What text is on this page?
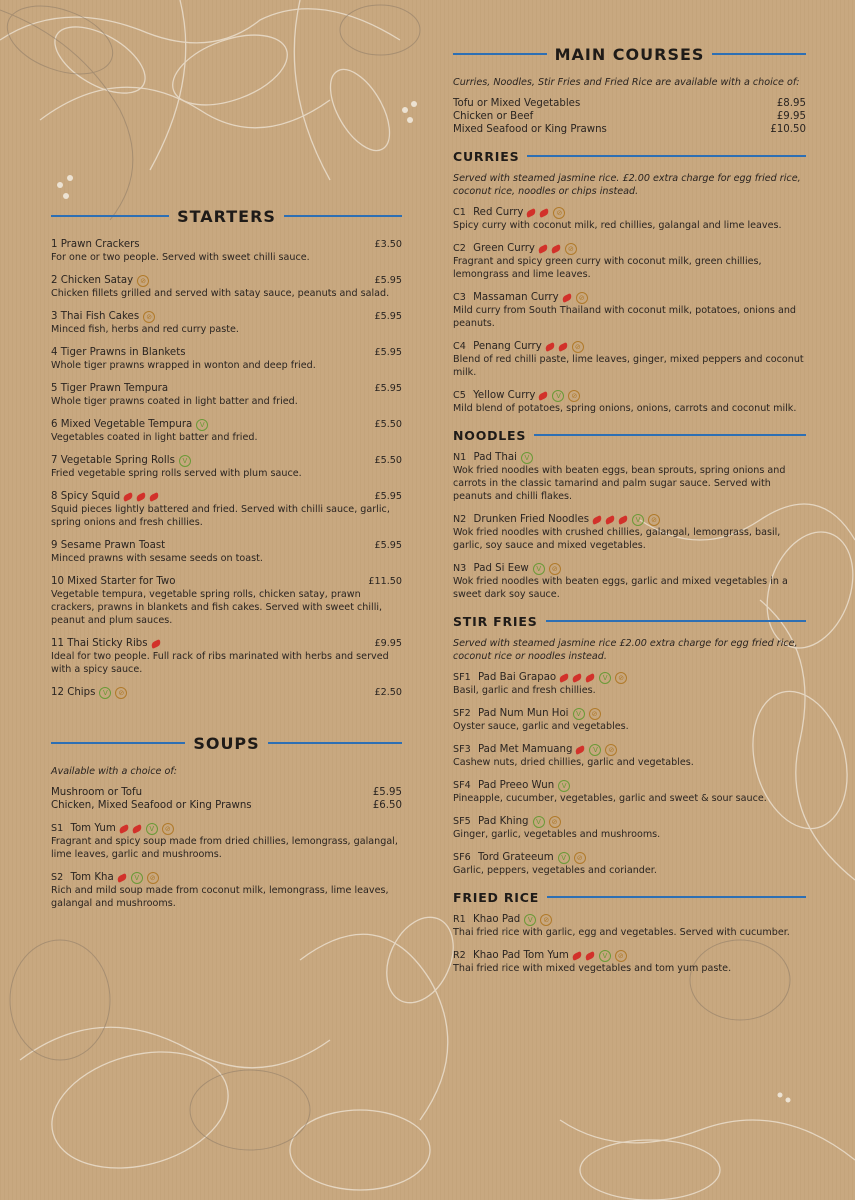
STARTERS
1 Prawn Crackers	£3.50
For one or two people. Served with sweet chilli sauce.
2 Chicken Satay	⊘	£5.95
Chicken fillets grilled and served with satay sauce, peanuts and salad.
3 Thai Fish Cakes	⊘	£5.95
Minced fish, herbs and red curry paste.
4 Tiger Prawns in Blankets	£5.95
Whole tiger prawns wrapped in wonton and deep fried.
5 Tiger Prawn Tempura	£5.95
Whole tiger prawns coated in light batter and fried.
6 Mixed Vegetable Tempura	V	£5.50
Vegetables coated in light batter and fried.
7 Vegetable Spring Rolls	V	£5.50
Fried vegetable spring rolls served with plum sauce.
8 Spicy Squid	£5.95
Squid pieces lightly battered and fried. Served with chilli sauce, garlic, spring onions and fresh chillies.
9 Sesame Prawn Toast	£5.95
Minced prawns with sesame seeds on toast.
10 Mixed Starter for Two	£11.50
Vegetable tempura, vegetable spring rolls, chicken satay, prawn crackers, prawns in blankets and fish cakes. Served with sweet chilli, peanut and plum sauces.
11 Thai Sticky Ribs	£9.95
Ideal for two people. Full rack of ribs marinated with herbs and served with a spicy sauce.
12 Chips	V	⊘	£2.50
SOUPS
Available with a choice of:
Mushroom or Tofu	£5.95
Chicken, Mixed Seafood or King Prawns	£6.50
S1
Tom Yum	V	⊘
Fragrant and spicy soup made from dried chillies, lemongrass, galangal, lime leaves, garlic and mushrooms.
S2
Tom Kha	V	⊘
Rich and mild soup made from coconut milk, lemongrass, lime leaves, galangal and mushrooms.
MAIN COURSES
Curries, Noodles, Stir Fries and Fried Rice are available with a choice of:
Tofu or Mixed Vegetables	£8.95
Chicken or Beef	£9.95
Mixed Seafood or King Prawns	£10.50
CURRIES
Served with steamed jasmine rice. £2.00 extra charge for egg fried rice, coconut rice, noodles or chips instead.
C1
Red Curry	⊘
Spicy curry with coconut milk, red chillies, galangal and lime leaves.
C2
Green Curry	⊘
Fragrant and spicy green curry with coconut milk, green chillies, lemongrass and lime leaves.
C3
Massaman Curry	⊘
Mild curry from South Thailand with coconut milk, potatoes, onions and peanuts.
C4
Penang Curry	⊘
Blend of red chilli paste, lime leaves, ginger, mixed peppers and coconut milk.
C5
Yellow Curry	V	⊘
Mild blend of potatoes, spring onions, onions, carrots and coconut milk.
NOODLES
N1
Pad Thai	V
Wok fried noodles with beaten eggs, bean sprouts, spring onions and carrots in the classic tamarind and palm sugar sauce. Served with peanuts and chilli flakes.
N2
Drunken Fried Noodles	V	⊘
Wok fried noodles with crushed chillies, galangal, lemongrass, basil, garlic, soy sauce and mixed vegetables.
N3
Pad Si Eew	V	⊘
Wok fried noodles with beaten eggs, garlic and mixed vegetables in a sweet dark soy sauce.
STIR FRIES
Served with steamed jasmine rice £2.00 extra charge for egg fried rice, coconut rice or noodles instead.
SF1
Pad Bai Grapao	V	⊘
Basil, garlic and fresh chillies.
SF2
Pad Num Mun Hoi	V	⊘
Oyster sauce, garlic and vegetables.
SF3
Pad Met Mamuang	V	⊘
Cashew nuts, dried chillies, garlic and vegetables.
SF4
Pad Preeo Wun	V
Pineapple, cucumber, vegetables, garlic and sweet & sour sauce.
SF5
Pad Khing	V	⊘
Ginger, garlic, vegetables and mushrooms.
SF6
Tord Grateeum	V	⊘
Garlic, peppers, vegetables and coriander.
FRIED RICE
R1
Khao Pad	V	⊘
Thai fried rice with garlic, egg and vegetables. Served with cucumber.
R2
Khao Pad Tom Yum	V	⊘
Thai fried rice with mixed vegetables and tom yum paste.
